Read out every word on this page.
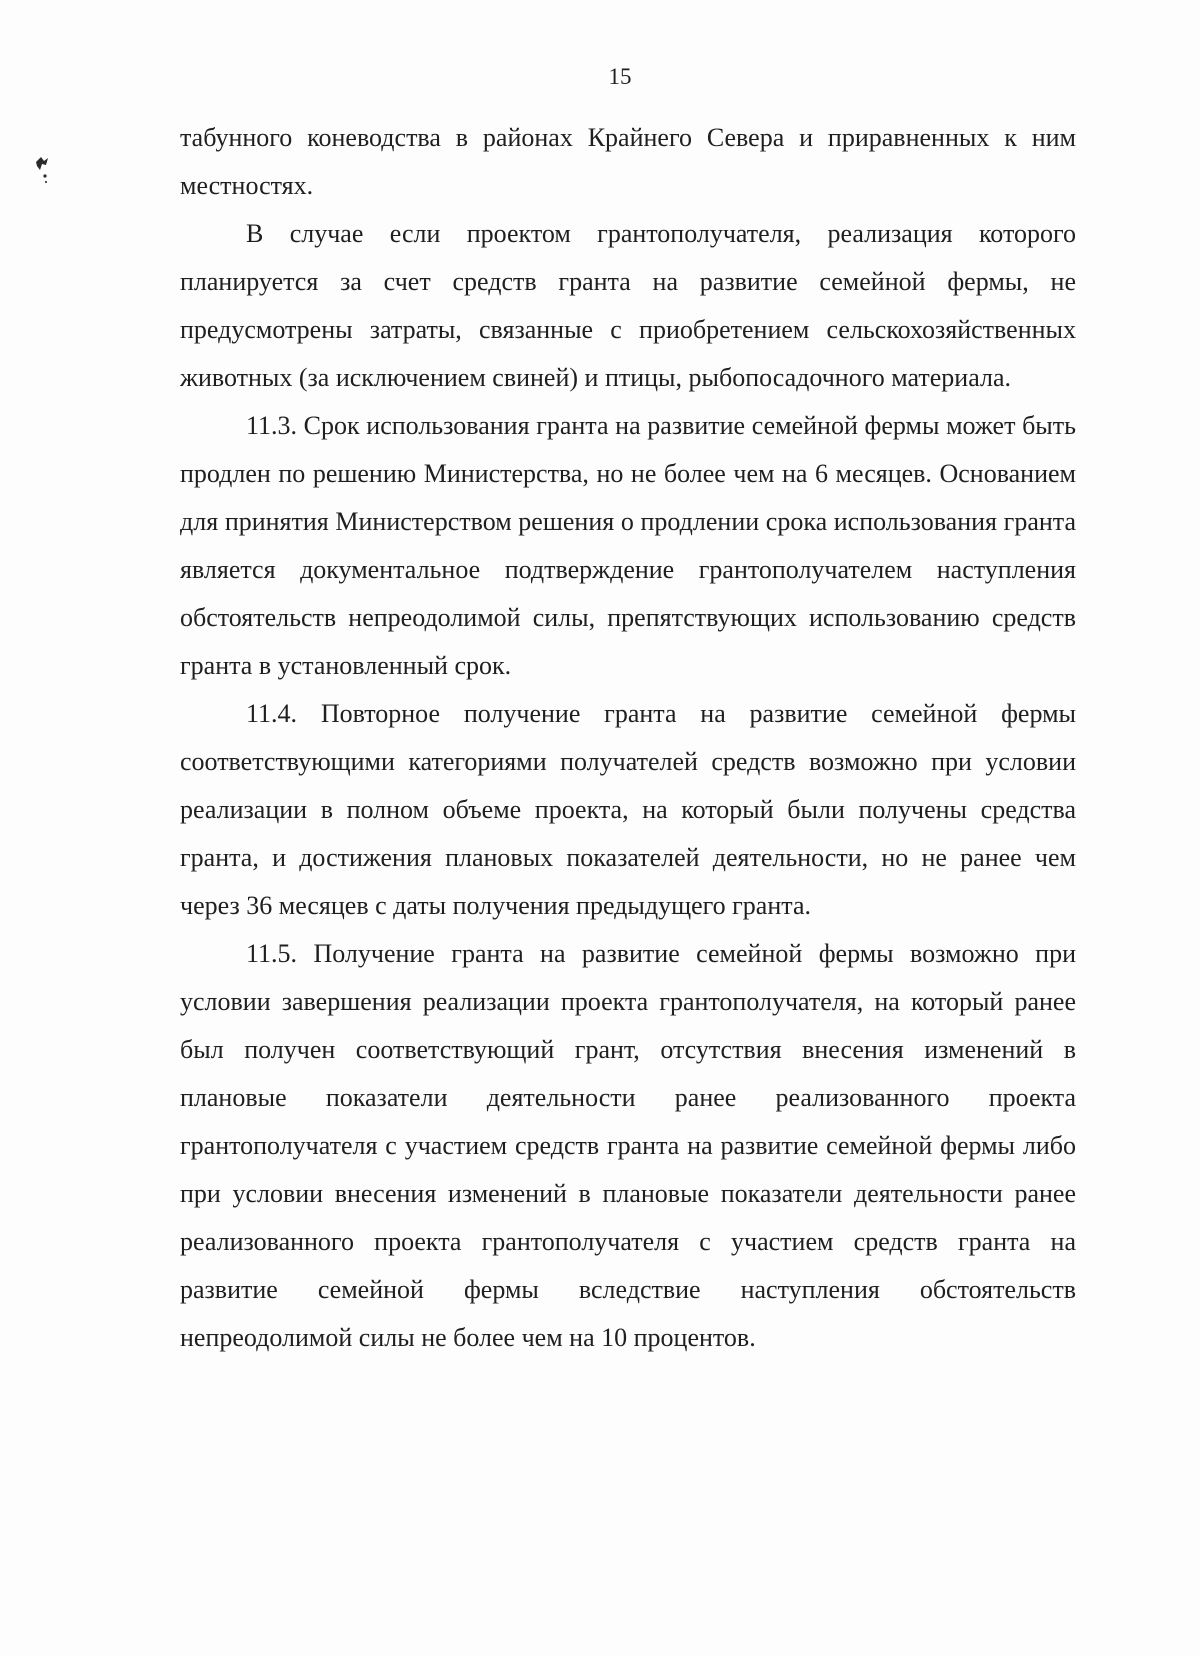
15

табунного коневодства в районах Крайнего Севера и приравненных к ним местностях.

В случае если проектом грантополучателя, реализация которого планируется за счет средств гранта на развитие семейной фермы, не предусмотрены затраты, связанные с приобретением сельскохозяйственных животных (за исключением свиней) и птицы, рыбопосадочного материала.

11.3. Срок использования гранта на развитие семейной фермы может быть продлен по решению Министерства, но не более чем на 6 месяцев. Основанием для принятия Министерством решения о продлении срока использования гранта является документальное подтверждение грантополучателем наступления обстоятельств непреодолимой силы, препятствующих использованию средств гранта в установленный срок.

11.4. Повторное получение гранта на развитие семейной фермы соответствующими категориями получателей средств возможно при условии реализации в полном объеме проекта, на который были получены средства гранта, и достижения плановых показателей деятельности, но не ранее чем через 36 месяцев с даты получения предыдущего гранта.

11.5. Получение гранта на развитие семейной фермы возможно при условии завершения реализации проекта грантополучателя, на который ранее был получен соответствующий грант, отсутствия внесения изменений в плановые показатели деятельности ранее реализованного проекта грантополучателя с участием средств гранта на развитие семейной фермы либо при условии внесения изменений в плановые показатели деятельности ранее реализованного проекта грантополучателя с участием средств гранта на развитие семейной фермы вследствие наступления обстоятельств непреодолимой силы не более чем на 10 процентов.
